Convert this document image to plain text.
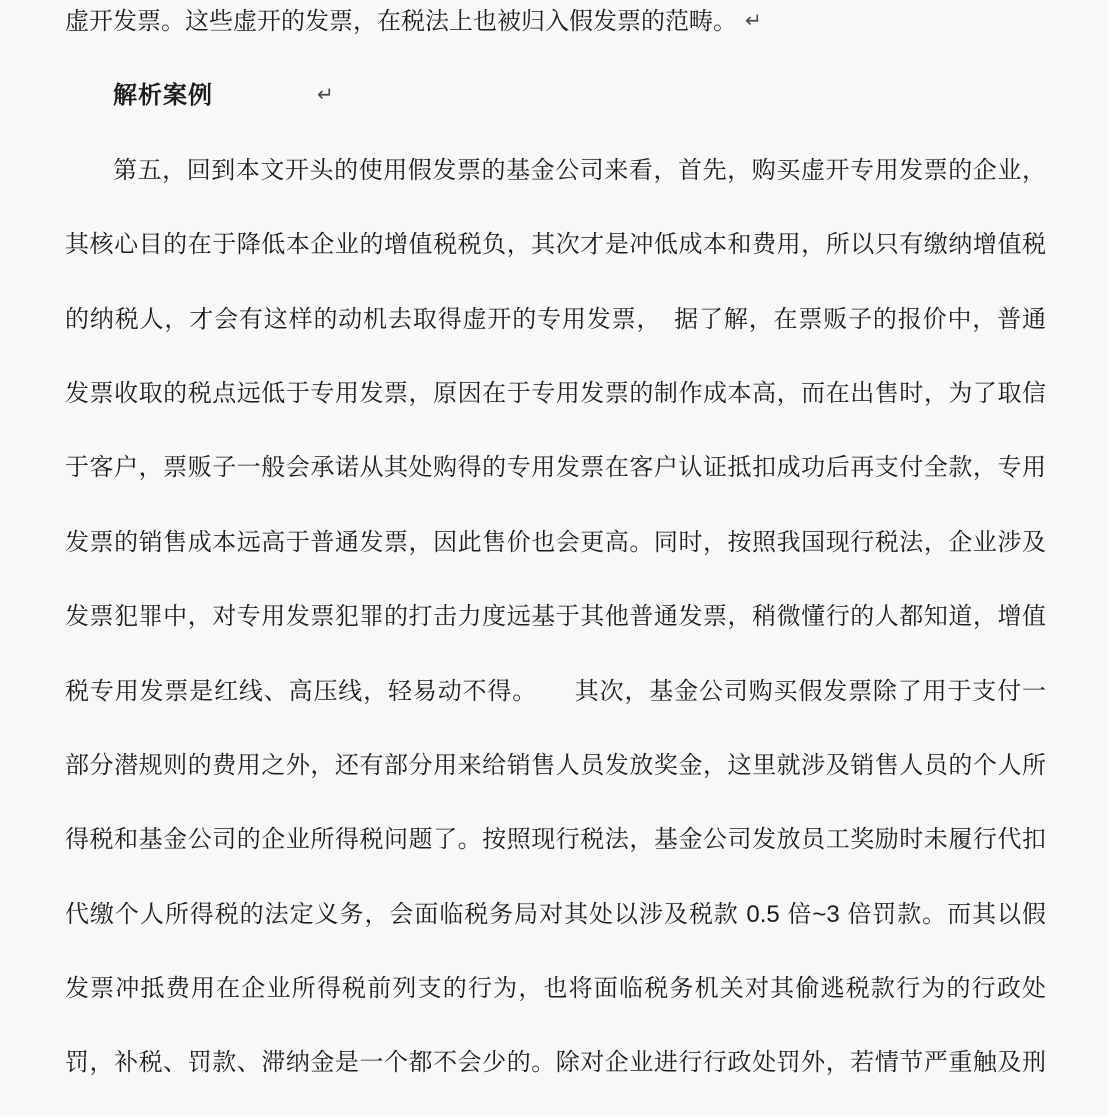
虚开发票。这些虚开的发票，在税法上也被归入假发票的范畴。 ↵
解析案例	↵
第五，回到本文开头的使用假发票的基金公司来看，首先，购买虚开专用发票的企业，
其核心目的在于降低本企业的增值税税负，其次才是冲低成本和费用，所以只有缴纳增值税
的纳税人，才会有这样的动机去取得虚开的专用发票，　据了解，在票贩子的报价中，普通
发票收取的税点远低于专用发票，原因在于专用发票的制作成本高，而在出售时，为了取信
于客户，票贩子一般会承诺从其处购得的专用发票在客户认证抵扣成功后再支付全款，专用
发票的销售成本远高于普通发票，因此售价也会更高。同时，按照我国现行税法，企业涉及
发票犯罪中，对专用发票犯罪的打击力度远基于其他普通发票，稍微懂行的人都知道，增值
税专用发票是红线、高压线，轻易动不得。　　其次，基金公司购买假发票除了用于支付一
部分潜规则的费用之外，还有部分用来给销售人员发放奖金，这里就涉及销售人员的个人所
得税和基金公司的企业所得税问题了。按照现行税法，基金公司发放员工奖励时未履行代扣
代缴个人所得税的法定义务，会面临税务局对其处以涉及税款 0.5 倍~3 倍罚款。而其以假
发票冲抵费用在企业所得税前列支的行为，也将面临税务机关对其偷逃税款行为的行政处
罚，补税、罚款、滞纳金是一个都不会少的。除对企业进行行政处罚外，若情节严重触及刑
